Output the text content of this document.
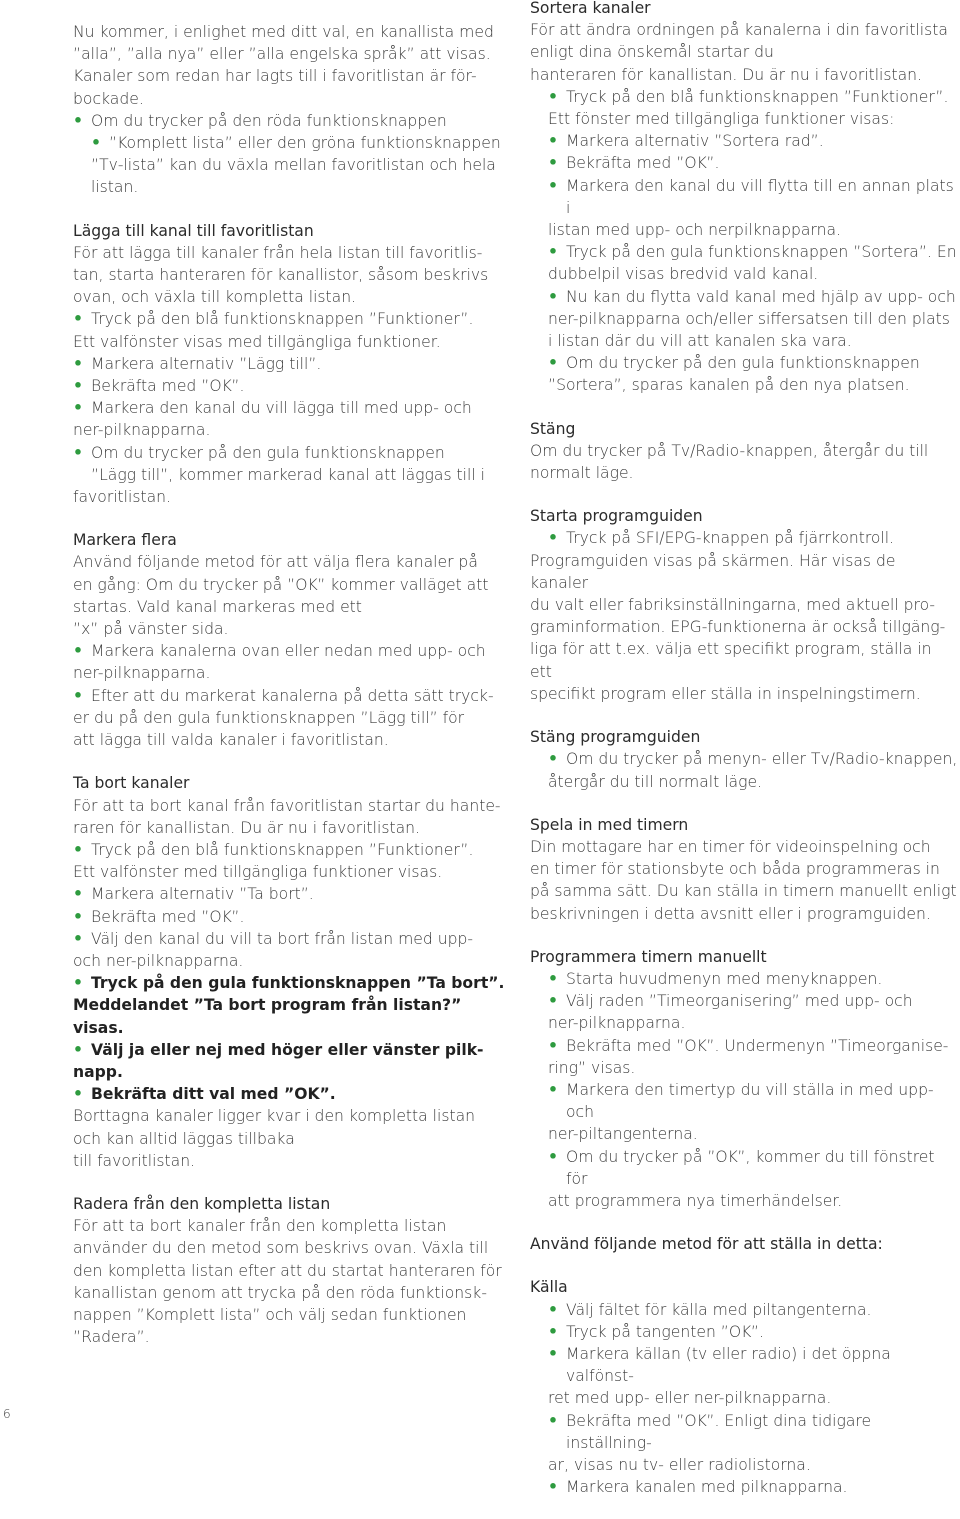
Nu kommer, i enlighet med ditt val, en kanallista med

”alla”, ”alla nya” eller ”alla engelska språk” att visas.

Kanaler som redan har lagts till i favoritlistan är för-

bockade.

• Om du trycker på den röda funktionsknappen

• ”Komplett lista” eller den gröna funktionsknappen

”Tv-lista” kan du växla mellan favoritlistan och hela

listan.

Lägga till kanal till favoritlistan

För att lägga till kanaler från hela listan till favoritlis-

tan, starta hanteraren för kanallistor, såsom beskrivs

ovan, och växla till kompletta listan.

• Tryck på den blå funktionsknappen ”Funktioner”.

Ett valfönster visas med tillgängliga funktioner.

• Markera alternativ ”Lägg till”.

• Bekräfta med ”OK”.

• Markera den kanal du vill lägga till med upp- och

ner-pilknapparna.

• Om du trycker på den gula funktionsknappen

”Lägg till”, kommer markerad kanal att läggas till i

favoritlistan.

Markera flera

Använd följande metod för att välja flera kanaler på

en gång: Om du trycker på ”OK” kommer valläget att

startas. Vald kanal markeras med ett

”x” på vänster sida.

• Markera kanalerna ovan eller nedan med upp- och

ner-pilknapparna.

• Efter att du markerat kanalerna på detta sätt tryck-

er du på den gula funktionsknappen ”Lägg till” för

att lägga till valda kanaler i favoritlistan.

Ta bort kanaler

För att ta bort kanal från favoritlistan startar du hante-

raren för kanallistan. Du är nu i favoritlistan.

• Tryck på den blå funktionsknappen ”Funktioner”.

Ett valfönster med tillgängliga funktioner visas.

• Markera alternativ ”Ta bort”.

• Bekräfta med ”OK”.

• Välj den kanal du vill ta bort från listan med upp-

och ner-pilknapparna.

• Tryck på den gula funktionsknappen ”Ta bort”.

Meddelandet ”Ta bort program från listan?” visas.

• Välj ja eller nej med höger eller vänster pilk-

napp.

• Bekräfta ditt val med ”OK”.

Borttagna kanaler ligger kvar i den kompletta listan

och kan alltid läggas tillbaka

till favoritlistan.

Radera från den kompletta listan

För att ta bort kanaler från den kompletta listan

använder du den metod som beskrivs ovan. Växla till

den kompletta listan efter att du startat hanteraren för

kanallistan genom att trycka på den röda funktionsk-

nappen ”Komplett lista” och välj sedan funktionen

”Radera”.

Sortera kanaler

För att ändra ordningen på kanalerna i din favoritlista

enligt dina önskemål startar du

hanteraren för kanallistan. Du är nu i favoritlistan.

• Tryck på den blå funktionsknappen ”Funktioner”.

Ett fönster med tillgängliga funktioner visas:

• Markera alternativ ”Sortera rad”.

• Bekräfta med ”OK”.

• Markera den kanal du vill flytta till en annan plats i

listan med upp- och nerpilknapparna.

• Tryck på den gula funktionsknappen ”Sortera”. En

dubbelpil visas bredvid vald kanal.

• Nu kan du flytta vald kanal med hjälp av upp- och

ner-pilknapparna och/eller siffersatsen till den plats

i listan där du vill att kanalen ska vara.

• Om du trycker på den gula funktionsknappen

”Sortera”, sparas kanalen på den nya platsen.

Stäng

Om du trycker på Tv/Radio-knappen, återgår du till

normalt läge.

Starta programguiden

• Tryck på SFI/EPG-knappen på fjärrkontroll.

Programguiden visas på skärmen. Här visas de kanaler

du valt eller fabriksinställningarna, med aktuell pro-

graminformation. EPG-funktionerna är också tillgäng-

liga för att t.ex. välja ett specifikt program, ställa in ett

specifikt program eller ställa in inspelningstimern.

Stäng programguiden

• Om du trycker på menyn- eller Tv/Radio-knappen,

återgår du till normalt läge.

Spela in med timern

Din mottagare har en timer för videoinspelning och

en timer för stationsbyte och båda programmeras in

på samma sätt. Du kan ställa in timern manuellt enligt

beskrivningen i detta avsnitt eller i programguiden.

Programmera timern manuellt

• Starta huvudmenyn med menyknappen.

• Välj raden ”Timeorganisering” med upp- och

ner-pilknapparna.

• Bekräfta med ”OK”. Undermenyn ”Timeorganise-

ring” visas.

• Markera den timertyp du vill ställa in med upp- och

ner-piltangenterna.

• Om du trycker på ”OK”, kommer du till fönstret för

att programmera nya timerhändelser.

Använd följande metod för att ställa in detta:

Källa

• Välj fältet för källa med piltangenterna.

• Tryck på tangenten ”OK”.

• Markera källan (tv eller radio) i det öppna valfönst-

ret med upp- eller ner-pilknapparna.

• Bekräfta med ”OK”. Enligt dina tidigare inställning-

ar, visas nu tv- eller radiolistorna.

• Markera kanalen med pilknapparna.

6
